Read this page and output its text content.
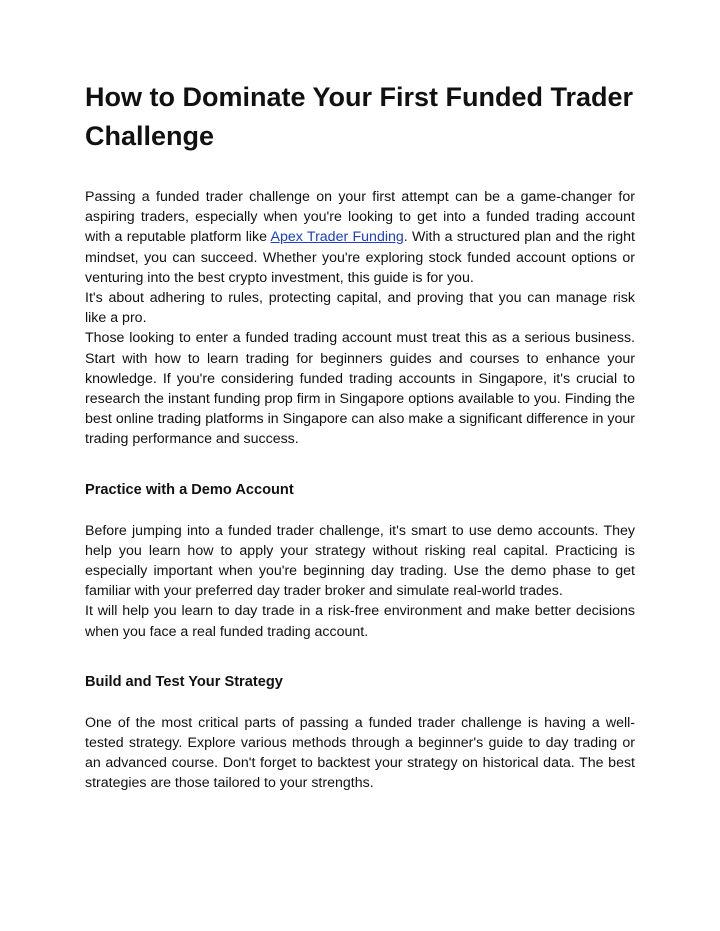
How to Dominate Your First Funded Trader Challenge

Passing a funded trader challenge on your first attempt can be a game-changer for aspiring traders, especially when you're looking to get into a funded trading account with a reputable platform like Apex Trader Funding. With a structured plan and the right mindset, you can succeed. Whether you're exploring stock funded account options or venturing into the best crypto investment, this guide is for you.

It's about adhering to rules, protecting capital, and proving that you can manage risk like a pro.

Those looking to enter a funded trading account must treat this as a serious business. Start with how to learn trading for beginners guides and courses to enhance your knowledge. If you're considering funded trading accounts in Singapore, it's crucial to research the instant funding prop firm in Singapore options available to you. Finding the best online trading platforms in Singapore can also make a significant difference in your trading performance and success.

Practice with a Demo Account

Before jumping into a funded trader challenge, it's smart to use demo accounts. They help you learn how to apply your strategy without risking real capital. Practicing is especially important when you're beginning day trading. Use the demo phase to get familiar with your preferred day trader broker and simulate real-world trades.

It will help you learn to day trade in a risk-free environment and make better decisions when you face a real funded trading account.

Build and Test Your Strategy

One of the most critical parts of passing a funded trader challenge is having a well-tested strategy. Explore various methods through a beginner's guide to day trading or an advanced course. Don't forget to backtest your strategy on historical data. The best strategies are those tailored to your strengths.
